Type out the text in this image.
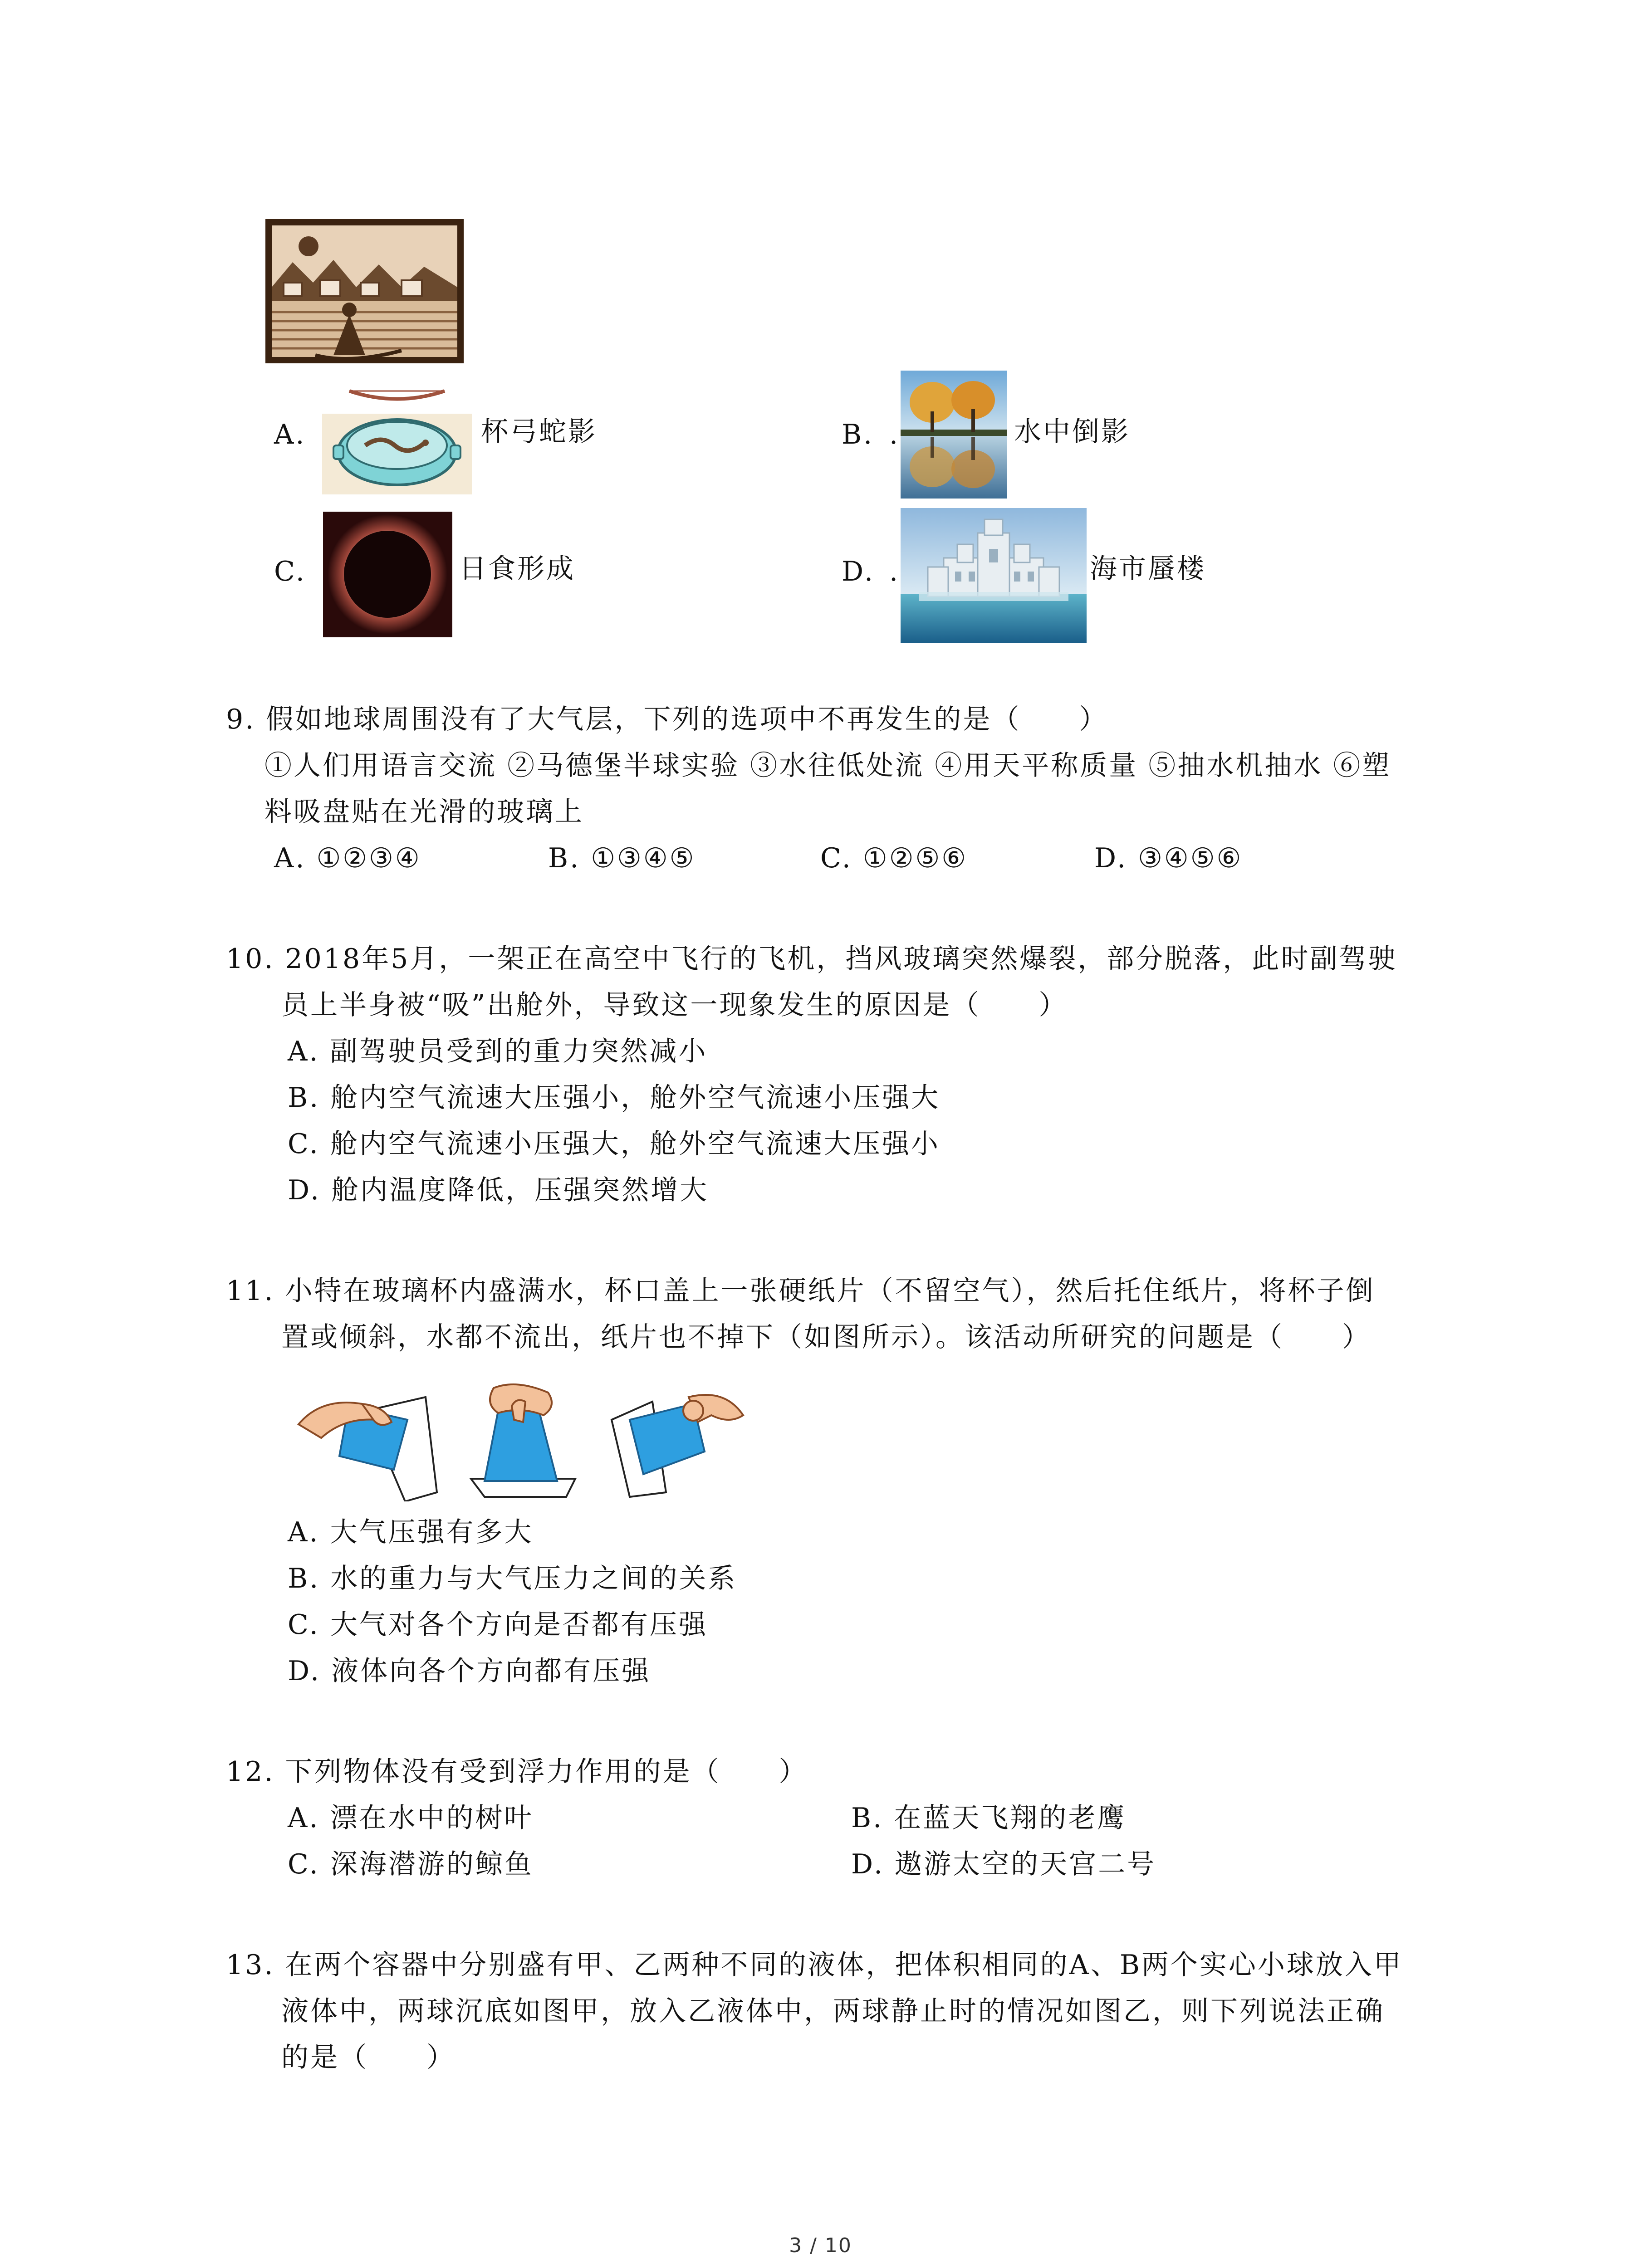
A.	杯弓蛇影	B. .	水中倒影
C.	日食形成	D. .	海市蜃楼
9. 假如地球周围没有了大气层，下列的选项中不再发生的是（　　）
①人们用语言交流 ②马德堡半球实验 ③水往低处流 ④用天平称质量 ⑤抽水机抽水 ⑥塑
料吸盘贴在光滑的玻璃上
A. ①②③④	B. ①③④⑤	C. ①②⑤⑥	D. ③④⑤⑥
10. 2018年5月，一架正在高空中飞行的飞机，挡风玻璃突然爆裂，部分脱落，此时副驾驶
员上半身被“吸”出舱外，导致这一现象发生的原因是（　　）
A. 副驾驶员受到的重力突然减小
B. 舱内空气流速大压强小，舱外空气流速小压强大
C. 舱内空气流速小压强大，舱外空气流速大压强小
D. 舱内温度降低，压强突然增大
11. 小特在玻璃杯内盛满水，杯口盖上一张硬纸片（不留空气），然后托住纸片，将杯子倒
置或倾斜，水都不流出，纸片也不掉下（如图所示）。该活动所研究的问题是（　　）
A. 大气压强有多大
B. 水的重力与大气压力之间的关系
C. 大气对各个方向是否都有压强
D. 液体向各个方向都有压强
12. 下列物体没有受到浮力作用的是（　　）
A. 漂在水中的树叶	B. 在蓝天飞翔的老鹰
C. 深海潜游的鲸鱼	D. 遨游太空的天宫二号
13. 在两个容器中分别盛有甲、乙两种不同的液体，把体积相同的A、B两个实心小球放入甲
液体中，两球沉底如图甲，放入乙液体中，两球静止时的情况如图乙，则下列说法正确
的是（　　）
3 / 10
